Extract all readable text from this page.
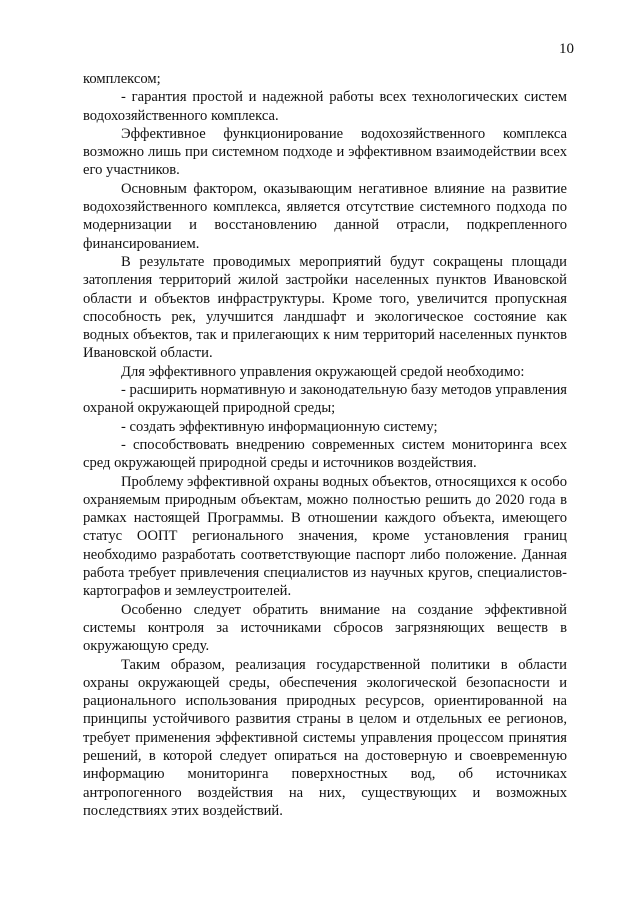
10

комплексом;

- гарантия простой и надежной работы всех технологических систем водохозяйственного комплекса.

Эффективное функционирование водохозяйственного комплекса возможно лишь при системном подходе и эффективном взаимодействии всех его участников.

Основным фактором, оказывающим негативное влияние на развитие водохозяйственного комплекса, является отсутствие системного подхода по модернизации и восстановлению данной отрасли, подкрепленного финансированием.

В результате проводимых мероприятий будут сокращены площади затопления территорий жилой застройки населенных пунктов Ивановской области и объектов инфраструктуры. Кроме того, увеличится пропускная способность рек, улучшится ландшафт и экологическое состояние как водных объектов, так и прилегающих к ним территорий населенных пунктов Ивановской области.

Для эффективного управления окружающей средой необходимо:

- расширить нормативную и законодательную базу методов управления охраной окружающей природной среды;

- создать эффективную информационную систему;

- способствовать внедрению современных систем мониторинга всех сред окружающей природной среды и источников воздействия.

Проблему эффективной охраны водных объектов, относящихся к особо охраняемым природным объектам, можно полностью решить до 2020 года в рамках настоящей Программы. В отношении каждого объекта, имеющего статус ООПТ регионального значения, кроме установления границ необходимо разработать соответствующие паспорт либо положение. Данная работа требует привлечения специалистов из научных кругов, специалистов-картографов и землеустроителей.

Особенно следует обратить внимание на создание эффективной системы контроля за источниками сбросов загрязняющих веществ в окружающую среду.

Таким образом, реализация государственной политики в области охраны окружающей среды, обеспечения экологической безопасности и рационального использования природных ресурсов, ориентированной на принципы устойчивого развития страны в целом и отдельных ее регионов, требует применения эффективной системы управления процессом принятия решений, в которой следует опираться на достоверную и своевременную информацию мониторинга поверхностных вод, об источниках антропогенного воздействия на них, существующих и возможных последствиях этих воздействий.
